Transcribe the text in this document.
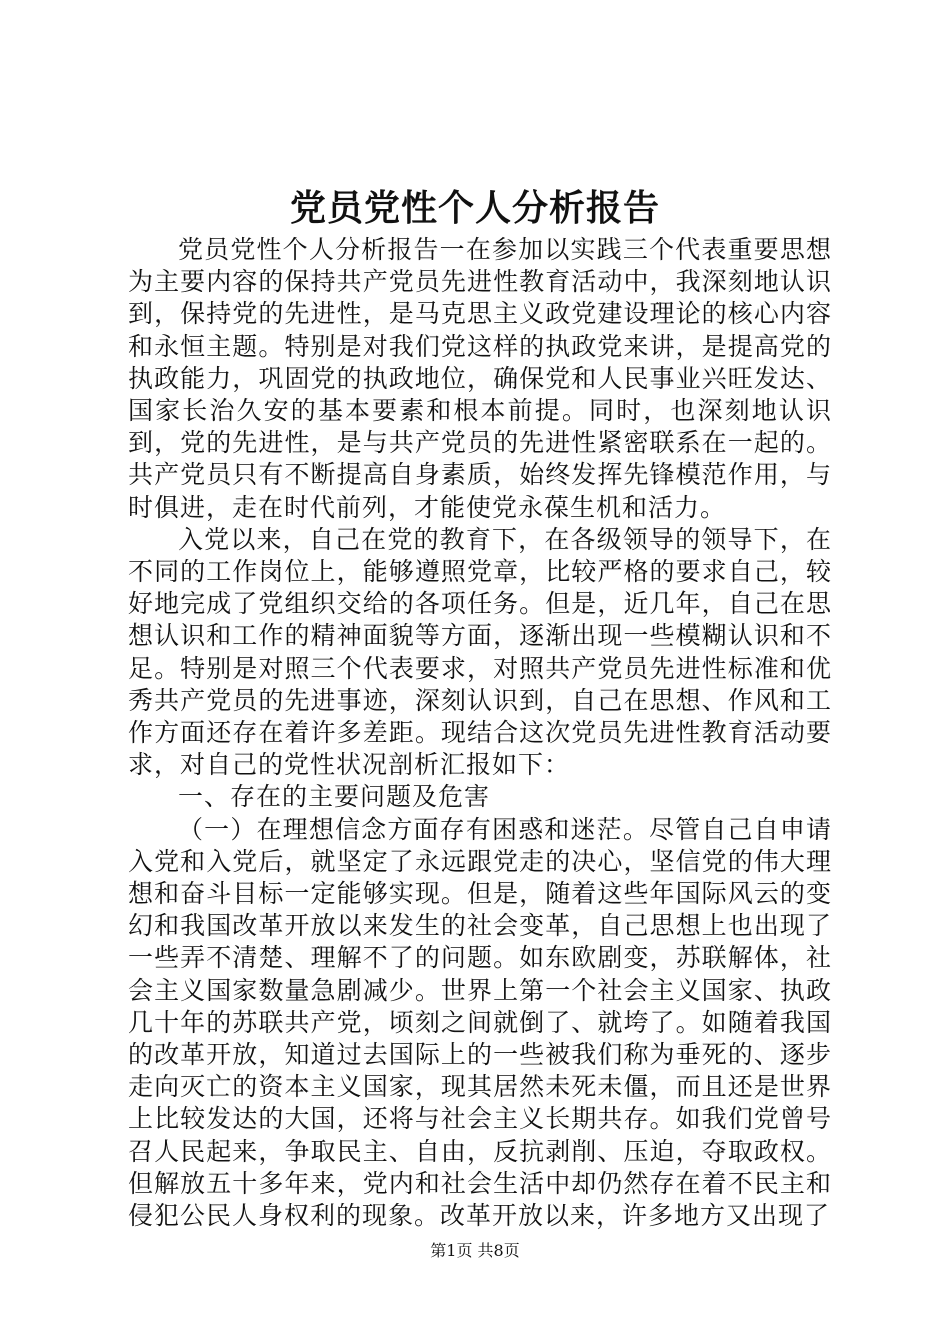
党员党性个人分析报告

党员党性个人分析报告一在参加以实践三个代表重要思想为主要内容的保持共产党员先进性教育活动中，我深刻地认识到，保持党的先进性，是马克思主义政党建设理论的核心内容和永恒主题。特别是对我们党这样的执政党来讲，是提高党的执政能力，巩固党的执政地位，确保党和人民事业兴旺发达、国家长治久安的基本要素和根本前提。同时，也深刻地认识到，党的先进性，是与共产党员的先进性紧密联系在一起的。共产党员只有不断提高自身素质，始终发挥先锋模范作用，与时俱进，走在时代前列，才能使党永葆生机和活力。

入党以来，自己在党的教育下，在各级领导的领导下，在不同的工作岗位上，能够遵照党章，比较严格的要求自己，较好地完成了党组织交给的各项任务。但是，近几年，自己在思想认识和工作的精神面貌等方面，逐渐出现一些模糊认识和不足。特别是对照三个代表要求，对照共产党员先进性标准和优秀共产党员的先进事迹，深刻认识到，自己在思想、作风和工作方面还存在着许多差距。现结合这次党员先进性教育活动要求，对自己的党性状况剖析汇报如下：

一、存在的主要问题及危害

（一）在理想信念方面存有困惑和迷茫。尽管自己自申请入党和入党后，就坚定了永远跟党走的决心，坚信党的伟大理想和奋斗目标一定能够实现。但是，随着这些年国际风云的变幻和我国改革开放以来发生的社会变革，自己思想上也出现了一些弄不清楚、理解不了的问题。如东欧剧变，苏联解体，社会主义国家数量急剧减少。世界上第一个社会主义国家、执政几十年的苏联共产党，顷刻之间就倒了、就垮了。如随着我国的改革开放，知道过去国际上的一些被我们称为垂死的、逐步走向灭亡的资本主义国家，现其居然未死未僵，而且还是世界上比较发达的大国，还将与社会主义长期共存。如我们党曾号召人民起来，争取民主、自由，反抗剥削、压迫，夺取政权。但解放五十多年来，党内和社会生活中却仍然存在着不民主和侵犯公民人身权利的现象。改革开放以来，许多地方又出现了

第1页 共8页
